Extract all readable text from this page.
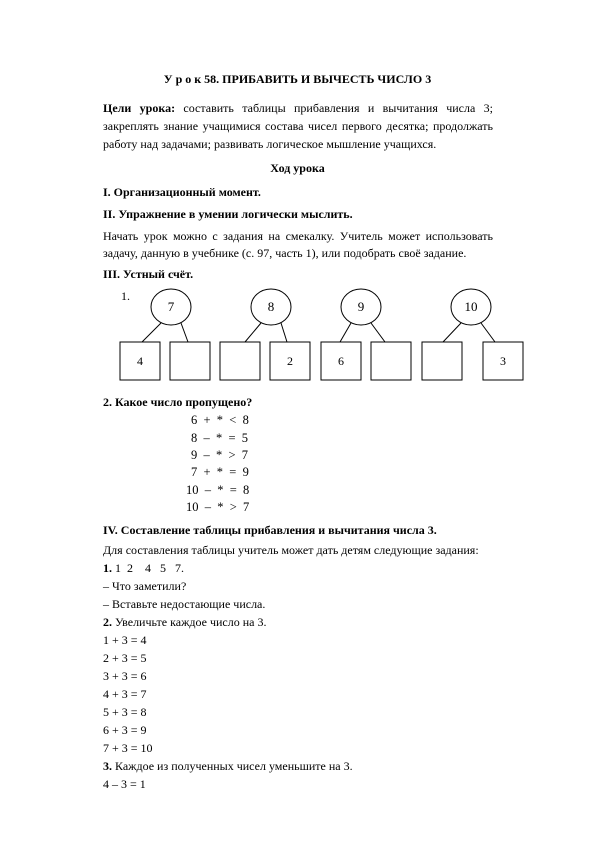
У р о к 58. ПРИБАВИТЬ И ВЫЧЕСТЬ ЧИСЛО 3
Цели урока: составить таблицы прибавления и вычитания числа 3;
закреплять знание учащимися состава чисел первого десятка; продолжать
работу над задачами; развивать логическое мышление учащихся.
Ход урока
I. Организационный момент.
II. Упражнение в умении логически мыслить.
Начать урок можно с задания на смекалку. Учитель может использовать
задачу, данную в учебнике (с. 97, часть 1), или подобрать своё задание.
III. Устный счёт.
1.
7
4
8
2
9
6
10
3
2. Какое число пропущено?
6  +  *  <  8
8  –  *  =  5
9  –  *  >  7
7  +  *  =  9
10  –  *  =  8
10  –  *  >  7
IV. Составление таблицы прибавления и вычитания числа 3.
Для составления таблицы учитель может дать детям следующие задания:
1. 1  2    4   5   7.
– Что заметили?
– Вставьте недостающие числа.
2. Увеличьте каждое число на 3.
1 + 3 = 4
2 + 3 = 5
3 + 3 = 6
4 + 3 = 7
5 + 3 = 8
6 + 3 = 9
7 + 3 = 10
3. Каждое из полученных чисел уменьшите на 3.
4 – 3 = 1
